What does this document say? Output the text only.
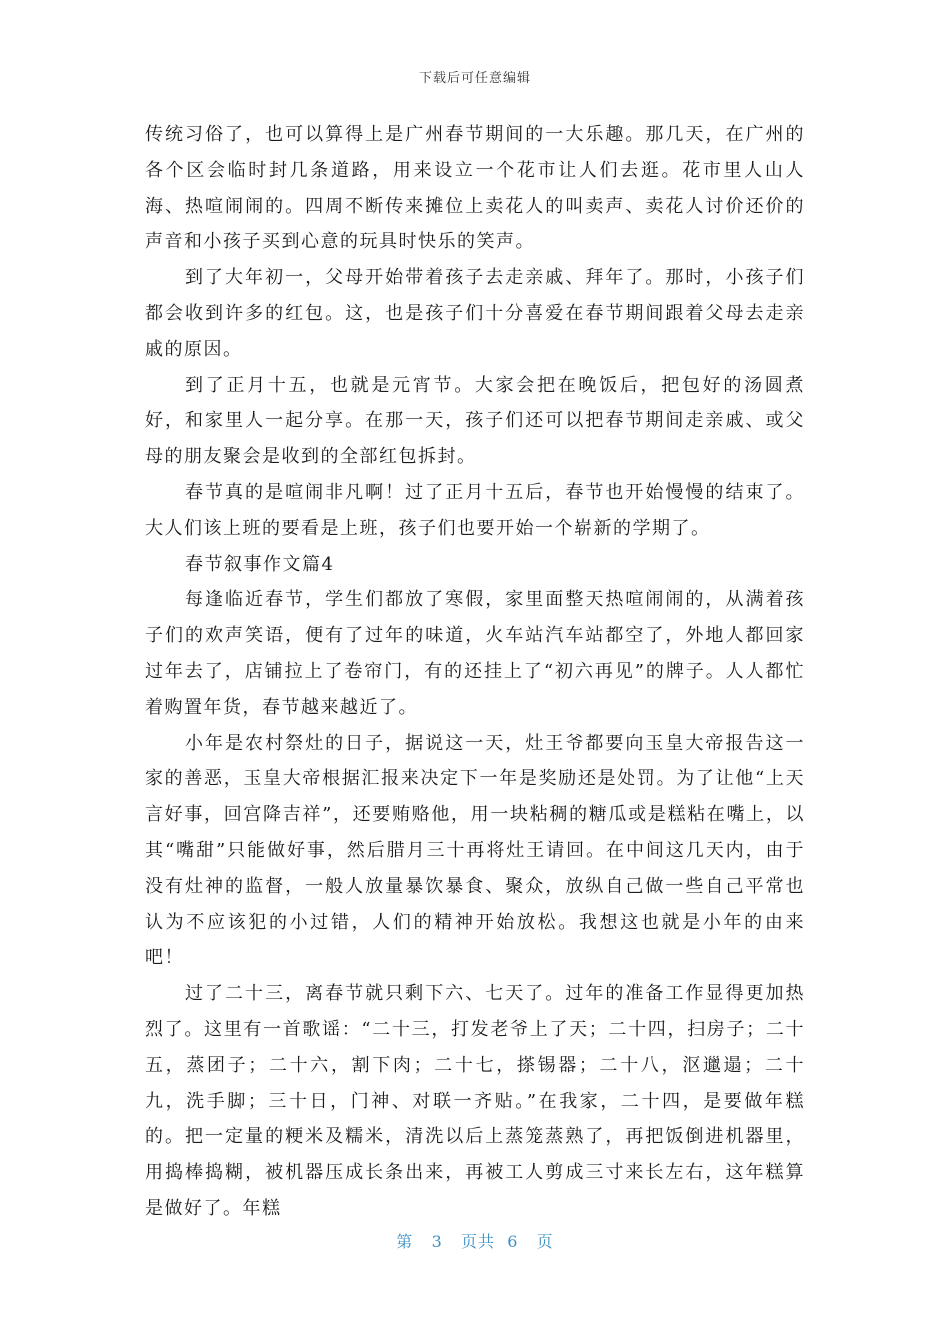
下载后可任意编辑

传统习俗了，也可以算得上是广州春节期间的一大乐趣。那几天，在广州的各个区会临时封几条道路，用来设立一个花市让人们去逛。花市里人山人海、热喧闹闹的。四周不断传来摊位上卖花人的叫卖声、卖花人讨价还价的声音和小孩子买到心意的玩具时快乐的笑声。

到了大年初一，父母开始带着孩子去走亲戚、拜年了。那时，小孩子们都会收到许多的红包。这，也是孩子们十分喜爱在春节期间跟着父母去走亲戚的原因。

到了正月十五，也就是元宵节。大家会把在晚饭后，把包好的汤圆煮好，和家里人一起分享。在那一天，孩子们还可以把春节期间走亲戚、或父母的朋友聚会是收到的全部红包拆封。

春节真的是喧闹非凡啊！过了正月十五后，春节也开始慢慢的结束了。大人们该上班的要看是上班，孩子们也要开始一个崭新的学期了。

春节叙事作文篇4

每逢临近春节，学生们都放了寒假，家里面整天热喧闹闹的，从满着孩子们的欢声笑语，便有了过年的味道，火车站汽车站都空了，外地人都回家过年去了，店铺拉上了卷帘门，有的还挂上了“初六再见”的牌子。人人都忙着购置年货，春节越来越近了。

小年是农村祭灶的日子，据说这一天，灶王爷都要向玉皇大帝报告这一家的善恶，玉皇大帝根据汇报来决定下一年是奖励还是处罚。为了让他“上天言好事，回宫降吉祥”，还要贿赂他，用一块粘稠的糖瓜或是糕粘在嘴上，以其“嘴甜”只能做好事，然后腊月三十再将灶王请回。在中间这几天内，由于没有灶神的监督，一般人放量暴饮暴食、聚众，放纵自己做一些自己平常也认为不应该犯的小过错，人们的精神开始放松。我想这也就是小年的由来吧！

过了二十三，离春节就只剩下六、七天了。过年的准备工作显得更加热烈了。这里有一首歌谣：“二十三，打发老爷上了天；二十四，扫房子；二十五，蒸团子；二十六，割下肉；二十七，搽锡器；二十八，沤邋遢；二十九，洗手脚；三十日，门神、对联一齐贴。”在我家，二十四，是要做年糕的。把一定量的粳米及糯米，清洗以后上蒸笼蒸熟了，再把饭倒进机器里，用捣棒捣糊，被机器压成长条出来，再被工人剪成三寸来长左右，这年糕算是做好了。年糕

第 3 页共 6 页
